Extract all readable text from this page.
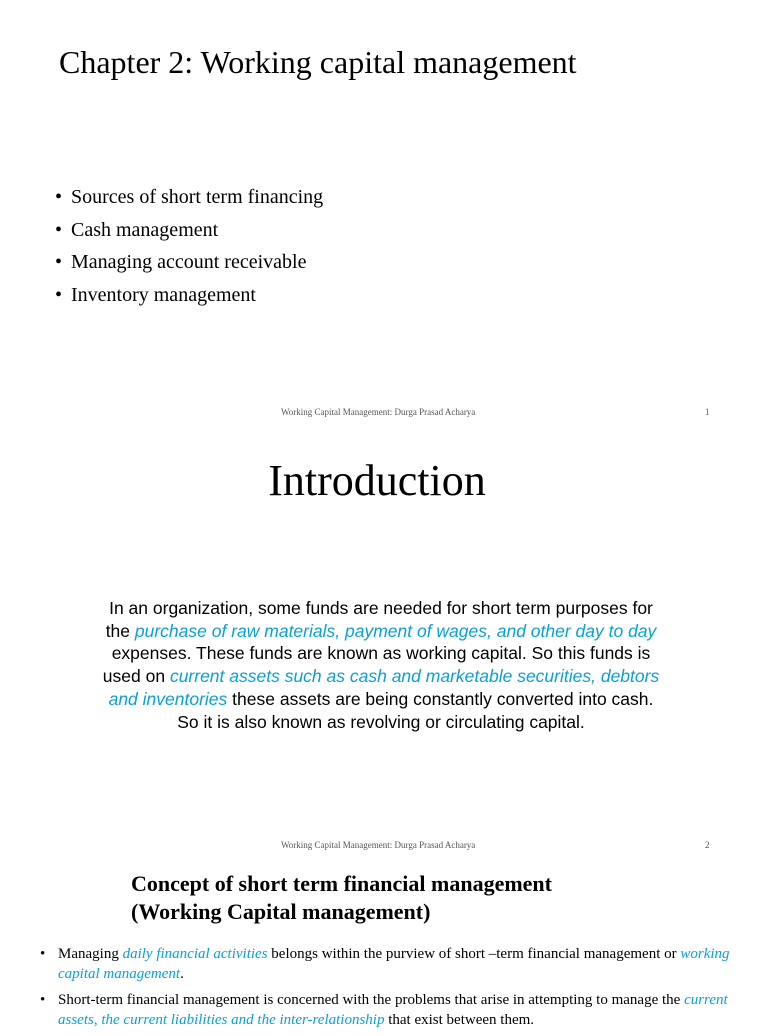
Chapter 2: Working capital management
• Sources of short term financing
• Cash management
• Managing account receivable
• Inventory management
Working Capital Management: Durga Prasad Acharya	1
Introduction
In an organization, some funds are needed for short term purposes for the purchase of raw materials, payment of wages, and other day to day expenses. These funds are known as working capital. So this funds is used on current assets such as cash and marketable securities, debtors and inventories these assets are being constantly converted into cash. So it is also known as revolving or circulating capital.
Working Capital Management: Durga Prasad Acharya	2
Concept of short term financial management
(Working Capital management)
• Managing daily financial activities belongs within the purview of short –term financial management or working capital management.
• Short-term financial management is concerned with the problems that arise in attempting to manage the current assets, the current liabilities and the inter-relationship that exist between them.
